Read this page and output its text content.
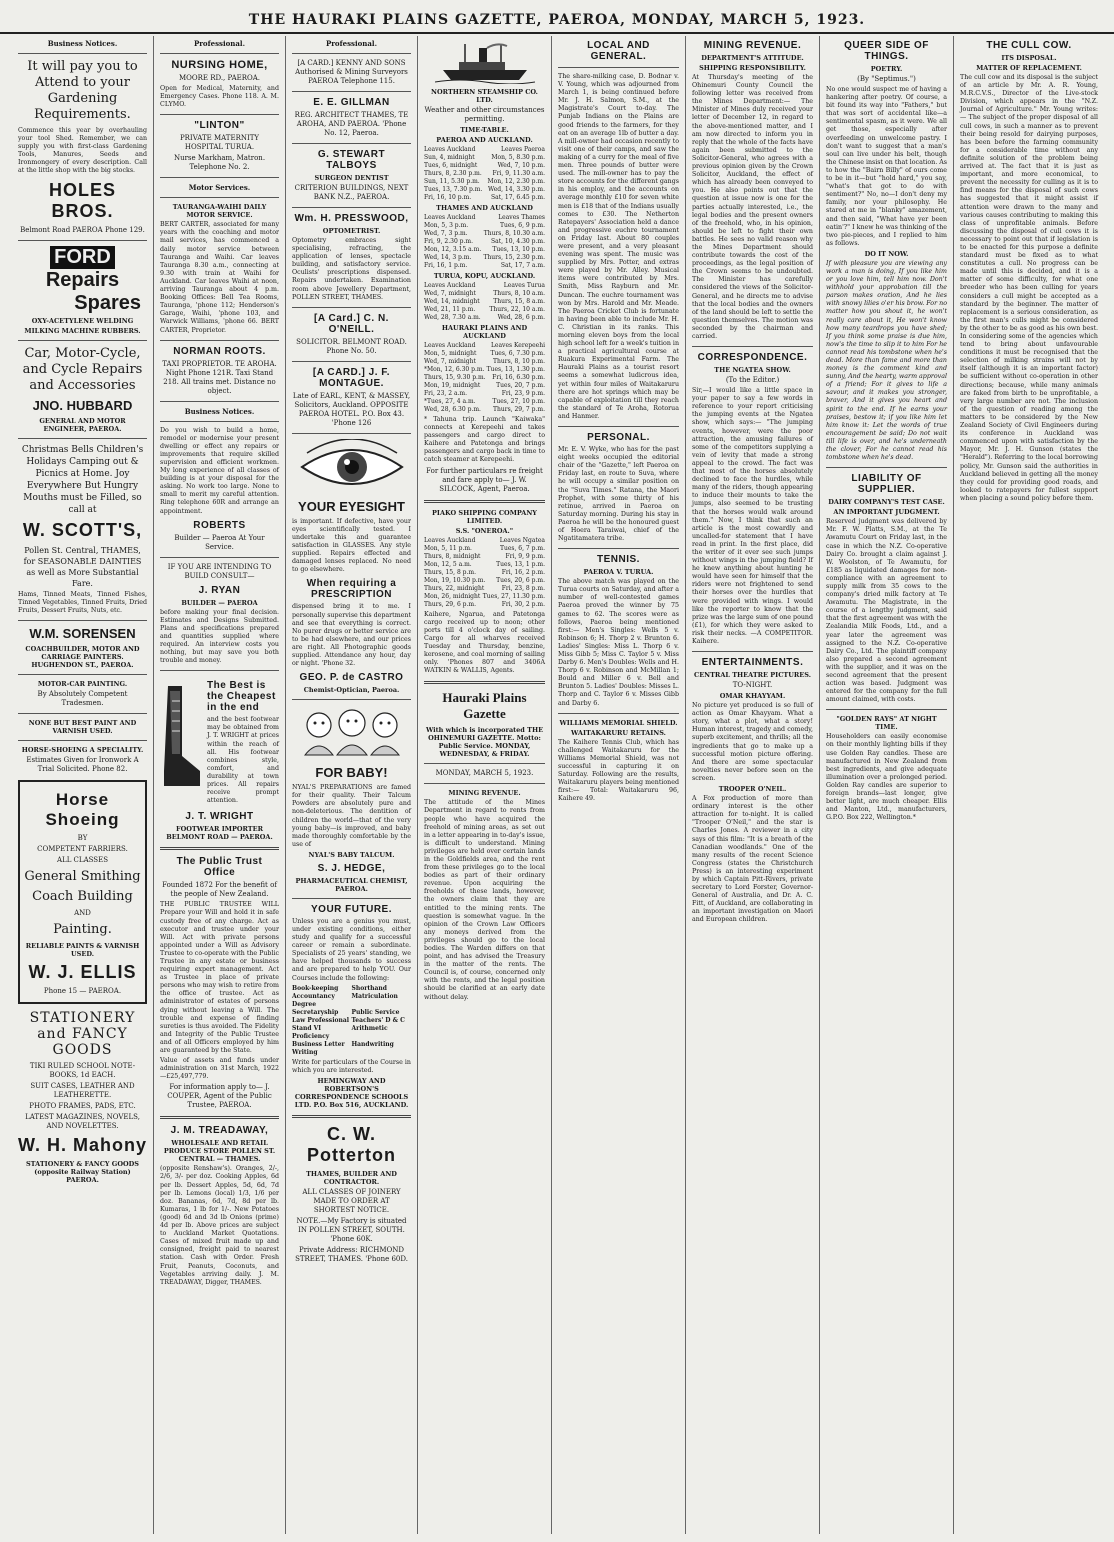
THE HAURAKI PLAINS GAZETTE, PAEROA, MONDAY, MARCH 5, 1923.
Business Notices.
It will pay you to Attend to your Gardening Requirements.
Commence this year by overhauling your tool Shed. Remember, we can supply you with first-class Gardening Tools, Manures, Seeds and Ironmongery of every description. Call at the little shop with the big stocks.
HOLES BROS.
Belmont Road PAEROA Phone 129.
FORD Repairs
Spares
OXY-ACETYLENE WELDING
MILKING MACHINE RUBBERS.
Car, Motor-Cycle, and Cycle Repairs and Accessories
JNO. HUBBARD
GENERAL AND MOTOR ENGINEER, PAEROA.
Christmas Bells Children's Holidays Camping out & Picnics at Home. Joy Everywhere But Hungry Mouths must be Filled, so call at
W. SCOTT'S,
Pollen St. Central, THAMES, for SEASONABLE DAINTIES as well as More Substantial Fare.
Hams, Tinned Meats, Tinned Fishes, Tinned Vegetables, Tinned Fruits, Dried Fruits, Dessert Fruits, Nuts, etc.
W.M. SORENSEN
COACHBUILDER, MOTOR AND CARRIAGE PAINTERS. HUGHENDON ST., PAEROA.
MOTOR-CAR PAINTING.
By Absolutely Competent Tradesmen.
NONE BUT BEST PAINT AND VARNISH USED.
HORSE-SHOEING A SPECIALITY.
Estimates Given for Ironwork A Trial Solicited. Phone 82.
Horse Shoeing
BY
COMPETENT FARRIERS.
ALL CLASSES
General Smithing
Coach Building
AND
Painting.
RELIABLE PAINTS & VARNISH USED.
W. J. ELLIS
Phone 15 — PAEROA.
STATIONERY and FANCY GOODS
TIKI RULED SCHOOL NOTE-BOOKS, 1d EACH.
SUIT CASES, LEATHER AND LEATHERETTE.
PHOTO FRAMES, PADS, ETC.
LATEST MAGAZINES, NOVELS, AND NOVELETTES.
W. H. Mahony
STATIONERY & FANCY GOODS (opposite Railway Station) PAEROA.
Professional.
NURSING HOME,
MOORE RD., PAEROA.
Open for Medical, Maternity, and Emergency Cases. Phone 118. A. M. CLYMO.
"LINTON"
PRIVATE MATERNITY HOSPITAL TURUA.
Nurse Markham, Matron. Telephone No. 2.
Motor Services.
TAURANGA-WAIHI DAILY MOTOR SERVICE.
BERT CARTER, associated for many years with the coaching and motor mail services, has commenced a daily motor service between Tauranga and Waihi. Car leaves Tauranga 8.30 a.m., connecting at 9.30 with train at Waihi for Auckland. Car leaves Waihi at noon, arriving Tauranga about 4 p.m. Booking Offices: Bell Tea Rooms, Tauranga, 'phone 112; Henderson's Garage, Waihi, 'phone 103, and Warwick Williams, 'phone 66. BERT CARTER, Proprietor.
NORMAN ROOTS.
TAXI PROPRIETOR. TE AROHA. Night Phone 121R. Taxi Stand 218. All trains met. Distance no object.
Business Notices.
Do you wish to build a home, remodel or modernise your present dwelling or effect any repairs or improvements that require skilled supervision and efficient workmen. My long experience of all classes of building is at your disposal for the asking. No work too large. None to small to merit my careful attention. Ring telephone 60R and arrange an appointment.
ROBERTS
Builder — Paeroa At Your Service.
IF YOU ARE INTENDING TO BUILD CONSULT—
J. RYAN
BUILDER — PAEROA
before making your final decision. Estimates and Designs Submitted. Plans and specifications prepared and quantities supplied where required. An interview costs you nothing, but may save you both trouble and money.
The Best is the Cheapest in the end
and the best footwear may be obtained from J. T. WRIGHT at prices within the reach of all. His footwear combines style, comfort, and durability at town prices. All repairs receive prompt attention.
J. T. WRIGHT
FOOTWEAR IMPORTER BELMONT ROAD — PAEROA.
The Public Trust Office
Founded 1872 For the benefit of the people of New Zealand.
THE PUBLIC TRUSTEE WILL Prepare your Will and hold it in safe custody free of any charge. Act as executor and trustee under your Will. Act with private persons appointed under a Will as Advisory Trustee to co-operate with the Public Trustee in any estate or business requiring expert management. Act as Trustee in place of private persons who may wish to retire from the office of trustee. Act as administrator of estates of persons dying without leaving a Will. The trouble and expense of finding sureties is thus avoided. The Fidelity and Integrity of the Public Trustee and of all Officers employed by him are guaranteed by the State.
Value of assets and funds under administration on 31st March, 1922—£25,497,779.
For information apply to— J. COUPER, Agent of the Public Trustee, PAEROA.
J. M. TREADAWAY,
WHOLESALE AND RETAIL PRODUCE STORE POLLEN ST. CENTRAL — THAMES.
(opposite Renshaw's). Oranges, 2/-, 2/6, 3/- per doz. Cooking Apples, 6d per lb. Dessert Apples, 5d, 6d, 7d per lb. Lemons (local) 1/3, 1/6 per doz. Bananas, 6d, 7d, 8d per lb. Kumaras, 1 lb for 1/-. New Potatoes (good) 6d and 3d lb Onions (prime) 4d per lb. Above prices are subject to Auckland Market Quotations. Cases of mixed fruit made up and consigned, freight paid to nearest station. Cash with Order. Fresh Fruit, Peanuts, Coconuts, and Vegetables arriving daily. J. M. TREADAWAY, Digger, THAMES.
Professional.
[A CARD.] KENNY AND SONS Authorised & Mining Surveyors PAEROA Telephone 115.
E. E. GILLMAN
REG. ARCHITECT THAMES, TE AROHA, AND PAEROA. 'Phone No. 12, Paeroa.
G. STEWART TALBOYS
SURGEON DENTIST
CRITERION BUILDINGS, NEXT BANK N.Z., PAEROA.
Wm. H. PRESSWOOD,
OPTOMETRIST.
Optometry embraces sight specialising, refracting, the application of lenses, spectacle building, and satisfactory service. Oculists' prescriptions dispensed. Repairs undertaken. Examination room above Jewellery Department, POLLEN STREET, THAMES.
[A Card.] C. N. O'NEILL.
SOLICITOR. BELMONT ROAD. Phone No. 50.
[A CARD.] J. F. MONTAGUE.
Late of EARL, KENT, & MASSEY, Solicitors, Auckland. OPPOSITE PAEROA HOTEL. P.O. Box 43. 'Phone 126
YOUR EYESIGHT
is important. If defective, have your eyes scientifically tested. I undertake this and guarantee satisfaction in GLASSES. Any style supplied. Repairs effected and damaged lenses replaced. No need to go elsewhere.
When requiring a PRESCRIPTION
dispensed bring it to me. I personally supervise this department and see that everything is correct. No purer drugs or better service are to be had elsewhere, and our prices are right. All Photographic goods supplied. Attendance any hour, day or night. 'Phone 32.
GEO. P. de CASTRO
Chemist-Optician, Paeroa.
FOR BABY!
NYAL'S PREPARATIONS are famed for their quality. Their Talcum Powders are absolutely pure and non-deleterious. The dentition of children the world—that of the very young baby—is improved, and baby made thoroughly comfortable by the use of
NYAL'S BABY TALCUM.
S. J. HEDGE,
PHARMACEUTICAL CHEMIST, PAEROA.
YOUR FUTURE.
Unless you are a genius you must, under existing conditions, either study and qualify for a successful career or remain a subordinate. Specialists of 25 years' standing, we have helped thousands to success and are prepared to help YOU. Our Courses include the following:
Book-keeping	Shorthand
Accountancy Degree
Matriculation
Secretaryship	Public Service
Law Professional Teachers' D & C
Stand VI Proficiency
Arithmetic
Business Letter Writing
Handwriting
Write for particulars of the Course in which you are interested.
HEMINGWAY AND ROBERTSON'S CORRESPONDENCE SCHOOLS LTD. P.O. Box 516, AUCKLAND.
C. W. Potterton
THAMES, BUILDER AND CONTRACTOR.
ALL CLASSES OF JOINERY MADE TO ORDER AT SHORTEST NOTICE.
NOTE.—My Factory is situated IN POLLEN STREET, SOUTH. 'Phone 60K.
Private Address: RICHMOND STREET, THAMES. 'Phone 60D.
NORTHERN STEAMSHIP CO. LTD.
Weather and other circumstances permitting.
TIME-TABLE.
PAEROA AND AUCKLAND.
Leaves Auckland	Leaves Paeroa
Sun, 4, midnight	Mon, 5, 8.30 p.m.
Tues, 6, midnight	Wed, 7, 10 p.m.
Thurs, 8, 2.30 p.m. Fri, 9, 11.30 a.m.
Sun, 11, 5.30 p.m. Mon, 12, 2.30 p.m.
Tues, 13, 7.30 p.m. Wed, 14, 3.30 p.m.
Fri, 16, 10 p.m.	Sat, 17, 6.45 p.m.
THAMES AND AUCKLAND
Leaves Auckland	Leaves Thames
Mon, 5, 3 p.m.	Tues, 6, 9 p.m.
Wed, 7, 3 p.m.	Thurs, 8, 10.30 a.m.
Fri, 9, 2.30 p.m.	Sat, 10, 4.30 p.m.
Mon, 12, 3.15 a.m. Tues, 13, 10 p.m.
Wed, 14, 3 p.m. Thurs, 15, 2.30 p.m.
Fri, 16, 1 p.m.	Sat, 17, 7 a.m.
TURUA, KOPU, AUCKLAND.
Leaves Auckland	Leaves Turua
Wed, 7, midnight	Thurs, 8, 10 a.m.
Wed, 14, midnight Thurs, 15, 8 a.m.
Wed, 21, 11 p.m. Thurs, 22, 10 a.m.
Wed, 28, 7.30 a.m.	Wed, 28, 6 p.m.
HAURAKI PLAINS AND AUCKLAND
Leaves Auckland	Leaves Kerepeehi
Mon, 5, midnight Tues, 6, 7.30 p.m.
Wed, 7, midnight	Thurs, 8, 10 p.m.
*Mon, 12, 6.30 p.m. Tues, 13, 1.30 p.m.
Thurs, 15, 9.30 p.m. Fri, 16, 6.30 p.m.
Mon, 19, midnight	Tues, 20, 7 p.m.
Fri, 23, 2 a.m.	Fri, 23, 9 p.m.
*Tues, 27, 4 a.m.	Tues, 27, 10 p.m.
Wed, 28, 6.30 p.m. Thurs, 29, 7 p.m.
* Tahuna trip. Launch "Kaiwaka" connects at Kerepeehi and takes passengers and cargo direct to Kaihere and Patetonga and brings passengers and cargo back in time to catch steamer at Kerepeehi.
For further particulars re freight and fare apply to— J. W. SILCOCK, Agent, Paeroa.
PIAKO SHIPPING COMPANY LIMITED.
S.S. "ONEROA."
Leaves Auckland	Leaves Ngatea
Mon, 5, 11 p.m.	Tues, 6, 7 p.m.
Thurs, 8, midnight	Fri, 9, 9 p.m.
Mon, 12, 5 a.m.	Tues, 13, 1 p.m.
Thurs, 15, 8 p.m.	Fri, 16, 2 p.m.
Mon, 19, 10.30 p.m. Tues, 20, 6 p.m.
Thurs, 22, midnight	Fri, 23, 8 p.m.
Mon, 26, midnight Tues, 27, 11.30 p.m.
Thurs, 29, 6 p.m.	Fri, 30, 2 p.m.
Kaihere, Ngarua, and Patetonga cargo received up to noon; other ports till 4 o'clock day of sailing. Cargo for all wharves received Tuesday and Thursday, benzine, kerosene, and coal morning of sailing only. 'Phones 807 and 3406A WATKIN & WALLIS, Agents.
Hauraki Plains Gazette
With which is incorporated THE OHINEMURI GAZETTE. Motto: Public Service. MONDAY, WEDNESDAY, & FRIDAY.
MONDAY, MARCH 5, 1923.
MINING REVENUE.
The attitude of the Mines Department in regard to rents from people who have acquired the freehold of mining areas, as set out in a letter appearing in to-day's issue, is difficult to understand. Mining privileges are held over certain lands in the Goldfields area, and the rent from these privileges go to the local bodies as part of their ordinary revenue. Upon acquiring the freeholds of these lands, however, the owners claim that they are entitled to the mining rents. The question is somewhat vague. In the opinion of the Crown Law Officers any moneys derived from the privileges should go to the local bodies. The Warden differs on that point, and has advised the Treasury in the matter of the rents. The Council is, of course, concerned only with the rents, and the legal position should be clarified at an early date without delay.
LOCAL AND GENERAL.
The share-milking case, D. Bodnar v. V. Young, which was adjourned from March 1, is being continued before Mr. J. H. Salmon, S.M., at the Magistrate's Court to-day. The Punjab Indians on the Plains are good friends to the farmers, for they eat on an average 1lb of butter a day. A mill-owner had occasion recently to visit one of their camps, and saw the making of a curry for the meal of five men. Three pounds of butter were used. The mill-owner has to pay the store accounts for the different gangs in his employ, and the accounts on average monthly £10 for seven white men is £18 that of the Indians usually comes to £30. The Netherton Ratepayers' Association held a dance and progressive euchre tournament on Friday last. About 80 couples were present, and a very pleasant evening was spent. The music was supplied by Mrs. Potter, and extras were played by Mr. Alley. Musical items were contributed by Mrs. Smith, Miss Rayburn and Mr. Duncan. The euchre tournament was won by Mrs. Harold and Mr. Meade. The Paeroa Cricket Club is fortunate in having been able to include Mr. H. C. Christian in its ranks. This morning eleven boys from the local high school left for a week's tuition in a practical agricultural course at Ruakura Experimental Farm. The Hauraki Plains as a tourist resort seems a somewhat ludicrous idea, yet within four miles of Waitakaruru there are hot springs which may be capable of exploitation till they reach the standard of Te Aroha, Rotorua and Hanmer.
PERSONAL.
Mr. E. V. Wyke, who has for the past eight weeks occupied the editorial chair of the "Gazette," left Paeroa on Friday last, en route to Suva, where he will occupy a similar position on the "Suva Times." Ratana, the Maori Prophet, with some thirty of his retinue, arrived in Paeroa on Saturday morning. During his stay in Paeroa he will be the honoured guest of Hoera Taraiwai, chief of the Ngatitamatera tribe.
TENNIS.
PAEROA V. TURUA.
The above match was played on the Turua courts on Saturday, and after a number of well-contested games Paeroa proved the winner by 75 games to 62. The scores were as follows, Paeroa being mentioned first:— Men's Singles: Wells 5 v. Robinson 6; H. Thorp 2 v. Brunton 6. Ladies' Singles: Miss L. Thorp 6 v. Miss Gibb 5; Miss C. Taylor 5 v. Miss Darby 6. Men's Doubles: Wells and H. Thorp 6 v. Robinson and McMillan 1; Bould and Miller 6 v. Bell and Brunton 5. Ladies' Doubles: Misses L. Thorp and C. Taylor 6 v. Misses Gibb and Darby 6.
WILLIAMS MEMORIAL SHIELD.
WAITAKARURU RETAINS.
The Kaihere Tennis Club, which has challenged Waitakaruru for the Williams Memorial Shield, was not successful in capturing it on Saturday. Following are the results, Waitakaruru players being mentioned first:— Total: Waitakaruru 96, Kaihere 49.
MINING REVENUE.
DEPARTMENT'S ATTITUDE.
SHIPPING RESPONSIBILITY.
At Thursday's meeting of the Ohinemuri County Council the following letter was received from the Mines Department:— The Minister of Mines duly received your letter of December 12, in regard to the above-mentioned matter, and I am now directed to inform you in reply that the whole of the facts have again been submitted to the Solicitor-General, who agrees with a previous opinion given by the Crown Solicitor, Auckland, the effect of which has already been conveyed to you. He also points out that the question at issue now is one for the parties actually interested, i.e., the legal bodies and the present owners of the freehold, who, in his opinion, should be left to fight their own battles. He sees no valid reason why the Mines Department should contribute towards the cost of the proceedings, as the legal position of the Crown seems to be undoubted. The Minister has carefully considered the views of the Solicitor-General, and he directs me to advise that the local bodies and the owners of the land should be left to settle the question themselves. The motion was seconded by the chairman and carried.
CORRESPONDENCE.
THE NGATEA SHOW.
(To the Editor.)
Sir,—I would like a little space in your paper to say a few words in reference to your report criticising the jumping events at the Ngatea show, which says:— "The jumping events, however, were the poor attraction, the amusing failures of some of the competitors supplying a vein of levity that made a strong appeal to the crowd. The fact was that most of the horses absolutely declined to face the hurdles, while many of the riders, though appearing to induce their mounts to take the jumps, also seemed to be trusting that the horses would walk around them." Now, I think that such an article is the most cowardly and uncalled-for statement that I have read in print. In the first place, did the writer of it ever see such jumps without wings in the jumping field? If he knew anything about hunting he would have seen for himself that the riders were not frightened to send their horses over the hurdles that were provided with wings. I would like the reporter to know that the prize was the large sum of one pound (£1), for which they were asked to risk their necks. —A COMPETITOR. Kaihere.
ENTERTAINMENTS.
CENTRAL THEATRE PICTURES.
TO-NIGHT.
OMAR KHAYYAM.
No picture yet produced is so full of action as Omar Khayyam. What a story, what a plot, what a story! Human interest, tragedy and comedy, superb excitement, and thrills; all the ingredients that go to make up a successful motion picture offering. And there are some spectacular novelties never before seen on the screen.
TROOPER O'NEIL.
A Fox production of more than ordinary interest is the other attraction for to-night. It is called "Trooper O'Neil," and the star is Charles Jones. A reviewer in a city says of this film: "It is a breath of the Canadian woodlands." One of the many results of the recent Science Congress (states the Christchurch Press) is an interesting experiment by which Captain Pitt-Rivers, private secretary to Lord Forster, Governor-General of Australia, and Dr. A. C. Fitt, of Auckland, are collaborating in an important investigation on Maori and European children.
QUEER SIDE OF THINGS.
POETRY.
(By "Septimus.")
No one would suspect me of having a hankering after poetry. Of course, a bit found its way into "Fathers," but that was sort of accidental like—a sentimental spasm, as it were. We all get those, especially after overfeeding on unwelcome pastry. I don't want to suggest that a man's soul can live under his belt, though the Chinese insist on that location. As to how the "Bairn Billy" of ours come to be in it—but "hold hard," you say, "what's that got to do with sentiment?" No, no—I don't deny my family, nor your philosophy. He stared at me in "blanky" amazement, and then said, "What have yer been eatin'?" I knew he was thinking of the two pie-pieces, and I replied to him as follows.
DO IT NOW.
If with pleasure you are viewing any work a man is doing, If you like him or you love him, tell him now. Don't withhold your approbation till the parson makes oration, And he lies with snowy lilies o'er his brow. For no matter how you shout it, he won't really care about it, He won't know how many teardrops you have shed; If you think some praise is due him, now's the time to slip it to him For he cannot read his tombstone when he's dead. More than fame and more than money is the comment kind and sunny, And the hearty, warm approval of a friend; For it gives to life a savour, and it makes you stronger, braver, And it gives you heart and spirit to the end. If he earns your praises, bestow it; if you like him let him know it: Let the words of true encouragement be said; Do not wait till life is over, and he's underneath the clover, For he cannot read his tombstone when he's dead.
LIABILITY OF SUPPLIER.
DAIRY COMPANY'S TEST CASE.
AN IMPORTANT JUDGMENT.
Reserved judgment was delivered by Mr. F. W. Platts, S.M., at the Te Awamutu Court on Friday last, in the case in which the N.Z. Co-operative Dairy Co. brought a claim against J. W. Woolston, of Te Awamutu, for £185 as liquidated damages for non-compliance with an agreement to supply milk from 35 cows to the company's dried milk factory at Te Awamutu. The Magistrate, in the course of a lengthy judgment, said that the first agreement was with the Zealandia Milk Foods, Ltd., and a year later the agreement was assigned to the N.Z. Co-operative Dairy Co., Ltd. The plaintiff company also prepared a second agreement with the supplier, and it was on the second agreement that the present action was based. Judgment was entered for the company for the full amount claimed, with costs.
"GOLDEN RAYS" AT NIGHT TIME.
Householders can easily economise on their monthly lighting bills if they use Golden Ray candles. These are manufactured in New Zealand from best ingredients, and give adequate illumination over a prolonged period. Golden Ray candles are superior to foreign brands—last longer, give better light, are much cheaper. Ellis and Manton, Ltd., manufacturers, G.P.O. Box 222, Wellington.*
THE CULL COW.
ITS DISPOSAL.
MATTER OF REPLACEMENT.
The cull cow and its disposal is the subject of an article by Mr. A. R. Young, M.R.C.V.S., Director of the Live-stock Division, which appears in the "N.Z. Journal of Agriculture." Mr. Young writes:— The subject of the proper disposal of all cull cows, in such a manner as to prevent their being resold for dairying purposes, has been before the farming community for a considerable time without any definite solution of the problem being arrived at. The fact that it is just as important, and more economical, to prevent the necessity for culling as it is to find means for the disposal of such cows has suggested that it might assist if attention were drawn to the many and various causes contributing to making this class of unprofitable animals. Before discussing the disposal of cull cows it is necessary to point out that if legislation is to be enacted for this purpose a definite standard must be fixed as to what constitutes a cull. No progress can be made until this is decided, and it is a matter of some difficulty, for what one breeder who has been culling for years considers a cull might be accepted as a standard by the beginner. The matter of replacement is a serious consideration, as the first man's culls might be considered by the other to be as good as his own best. In considering some of the agencies which tend to bring about unfavourable conditions it must be recognised that the selection of milking strains will not by itself (although it is an important factor) be sufficient without co-operation in other directions; because, while many animals are faked from birth to be unprofitable, a very large number are not. The inclusion of the question of reading among the matters to be considered by the New Zealand Society of Civil Engineers during its conference in Auckland was commenced upon with satisfaction by the Mayor, Mr. J. H. Gunson (states the "Herald"). Referring to the local borrowing policy, Mr. Gunson said the authorities in Auckland believed in getting all the money they could for providing good roads, and looked to ratepayers for fullest support when placing a sound policy before them.
